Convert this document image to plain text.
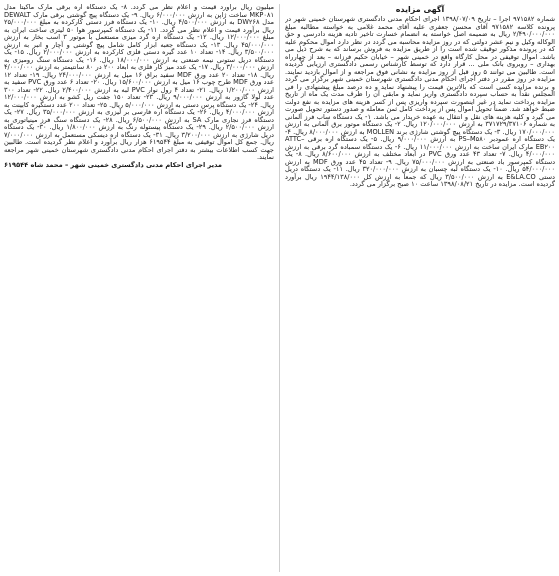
آگهی مزایده

شماره ۹۷۱۵۸۲ اجرا – تاریخ ۱۳۹۸/۰۷/۰۹ اجرای احکام مدنی دادگستری شهرستان خمینی شهر در پرونده کلاسه ۹۷۱۵۸۲ آقای محسن جعفری علیه آقای محمد غلامی به خواسته مطالبه مبلغ ۲/۴۹۰/۰۰۰/۰۰۰ ریال به ضمیمه اصل خواسته به انضمام خسارت تاخیر تادیه هزینه دادرسی و حق الوکاله وکیل و نیم عشر دولتی که در روز مزایده محاسبه می گردد در نظر دارد اموال محکوم علیه که در پرونده مذکور توقیف شده است را از طریق مزایده به فروش برساند که به شرح ذیل می باشد. اموال توقیفی در محل کارگاه واقع در خمینی شهر – خیابان حکیم فرزانه – بعد از چهارراه بهداری – روبروی بانک ملی ... قرار دارد که توسط کارشناس رسمی دادگستری ارزیابی گردیده است. طالبین می توانند ۵ روز قبل از روز مزایده به نشانی فوق مراجعه و از اموال بازدید نمایند. مزایده در روز مقرر در دفتر اجرای احکام مدنی دادگستری شهرستان خمینی شهر برگزار می گردد و برنده مزایده کسی است که بالاترین قیمت را پیشنهاد نماید و ده درصد مبلغ پیشنهادی را فی المجلس نقداً به حساب سپرده دادگستری واریز نماید و مابقی آن را ظرف مدت یک ماه از تاریخ مزایده پرداخت نماید در غیر اینصورت سپرده واریزی پس از کسر هزینه های مزایده به نفع دولت ضبط خواهد شد. ضمناً تحویل اموال پس از پرداخت کامل ثمن معامله و صدور دستور تحویل صورت می گیرد و کلیه هزینه های نقل و انتقال به عهده خریدار می باشد. ۱- یک دستگاه ساب فرز آلمانی به شماره ۳۷۱۷۲۹/۳۷۱۰۶ به ارزش ۱۲۰/۰۰۰/۰۰۰ ریال. ۲- یک دستگاه موتور برق آلمانی به ارزش ۱۷۰/۰۰۰/۰۰۰ ریال. ۳- یک دستگاه پیچ گوشتی شارژی برند MOLLEN به ارزش ۸/۰۰۰/۰۰۰ ریال. ۴- یک دستگاه اره عمودبر PS–M۵۸۰ به ارزش ۹/۰۰۰/۰۰۰ ریال. ۵- یک دستگاه اره برقی ATTC–EB۲۰۰ مارک ایران ساخت به ارزش ۱۱/۰۰۰/۰۰۰ ریال. ۶- یک دستگاه سمباده گرد برقی به ارزش ۴/۰۰۰/۰۰۰ ریال. ۷- تعداد ۴۳ عدد ورق PVC در ابعاد مختلف به ارزش ۸/۶۰۰/۰۰۰ ریال. ۸- یک دستگاه کمپرسور باد صنعتی به ارزش ۷۵/۰۰۰/۰۰۰ ریال. ۹- تعداد ۴۵ عدد ورق MDF به ارزش ۵۴/۰۰۰/۰۰۰ ریال. ۱۰- یک دستگاه لبه چسبان به ارزش ۳۲۰/۰۰۰/۰۰۰ ریال. ۱۱- یک دستگاه دریل دستی E&LA.CO به ارزش ۳/۵۰۰/۰۰۰ ریال که جمعاً به ارزش کل ۱۹۴۴/۱۳۸/۰۰۰ ریال برآورد گردیده است. مزایده در تاریخ ۱۳۹۸/۰۸/۲۱ ساعت ۱۰ صبح برگزار می گردد.

میلیون ریال برآورد قیمت و اعلام نظر می گردد. ۸- یک دستگاه اره برقی مارک ماکیتا مدل MKP۰۸۱ ساخت ژاپن به ارزش ۶/۰۰۰/۰۰۰ ریال. ۹- یک دستگاه پیچ گوشتی برقی مارک DEWALT مدل DW۲۶۸ به ارزش ۴/۵۰۰/۰۰۰ ریال. ۱۰- یک دستگاه فرز دستی کارکرده به مبلغ ۲۵/۰۰۰/۰۰۰ ریال برآورد قیمت و اعلام نظر می گردد. ۱۱- یک دستگاه کمپرسور هوا ۵۰ لیتری ساخت ایران به مبلغ ۱۲/۰۰۰/۰۰۰ ریال. ۱۲- یک دستگاه اره گرد میزی مستعمل با موتور ۳ اسب بخار به ارزش ۴۵/۰۰۰/۰۰۰ ریال. ۱۳- یک دستگاه جعبه ابزار کامل شامل پیچ گوشتی و آچار و انبر به ارزش ۳/۵۰۰/۰۰۰ ریال. ۱۴- تعداد ۱۰ عدد گیره دستی فلزی کارکرده به ارزش ۲/۰۰۰/۰۰۰ ریال. ۱۵- یک دستگاه دریل ستونی نیمه صنعتی به ارزش ۱۸/۰۰۰/۰۰۰ ریال. ۱۶- یک دستگاه سنگ رومیزی به ارزش ۳/۰۰۰/۰۰۰ ریال. ۱۷- یک عدد میز کار فلزی به ابعاد ۲۰۰ در ۸۰ سانتیمتر به ارزش ۴/۰۰۰/۰۰۰ ریال. ۱۸- تعداد ۲۰ عدد ورق MDF سفید براق ۱۶ میل به ارزش ۲۴/۰۰۰/۰۰۰ ریال. ۱۹- تعداد ۱۲ عدد ورق MDF طرح چوب ۱۶ میل به ارزش ۱۵/۶۰۰/۰۰۰ ریال. ۲۰- تعداد ۶ عدد ورق PVC سفید به ارزش ۱/۲۰۰/۰۰۰ ریال. ۲۱- تعداد ۴ رول نوار PVC لبه به ارزش ۲/۴۰۰/۰۰۰ ریال. ۲۲- تعداد ۳۰۰ عدد لولا گازور به ارزش ۹/۰۰۰/۰۰۰ ریال. ۲۳- تعداد ۱۵۰ جفت ریل کشو به ارزش ۱۲/۰۰۰/۰۰۰ ریال. ۲۴- یک دستگاه پرس دستی به ارزش ۵/۰۰۰/۰۰۰ ریال. ۲۵- تعداد ۲۰۰ عدد دستگیره کابینت به ارزش ۴/۰۰۰/۰۰۰ ریال. ۲۶- یک دستگاه اره فارسی بر لیزری به ارزش ۳۵/۰۰۰/۰۰۰ ریال. ۲۷- یک دستگاه فرز نجاری مارک SA به ارزش ۶/۵۰۰/۰۰۰ ریال. ۲۸- یک دستگاه سنگ فرز مینیاتوری به ارزش ۲/۵۰۰/۰۰۰ ریال. ۲۹- یک دستگاه پیستوله رنگ به ارزش ۱/۸۰۰/۰۰۰ ریال. ۳۰- یک دستگاه دریل شارژی به ارزش ۳/۲۰۰/۰۰۰ ریال. ۳۱- یک دستگاه اره دیسکی مستعمل به ارزش ۷/۰۰۰/۰۰۰ ریال. جمع کل اموال توقیفی به مبلغ ۶۱۹۵۴۴ هزار ریال برآورد و اعلام نظر گردیده است. طالبین جهت کسب اطلاعات بیشتر به دفتر اجرای احکام مدنی دادگستری شهرستان خمینی شهر مراجعه نمایند.

مدیر اجرای احکام مدنی دادگستری خمینی شهر – محمد شاه ۶۱۹۵۴۴
